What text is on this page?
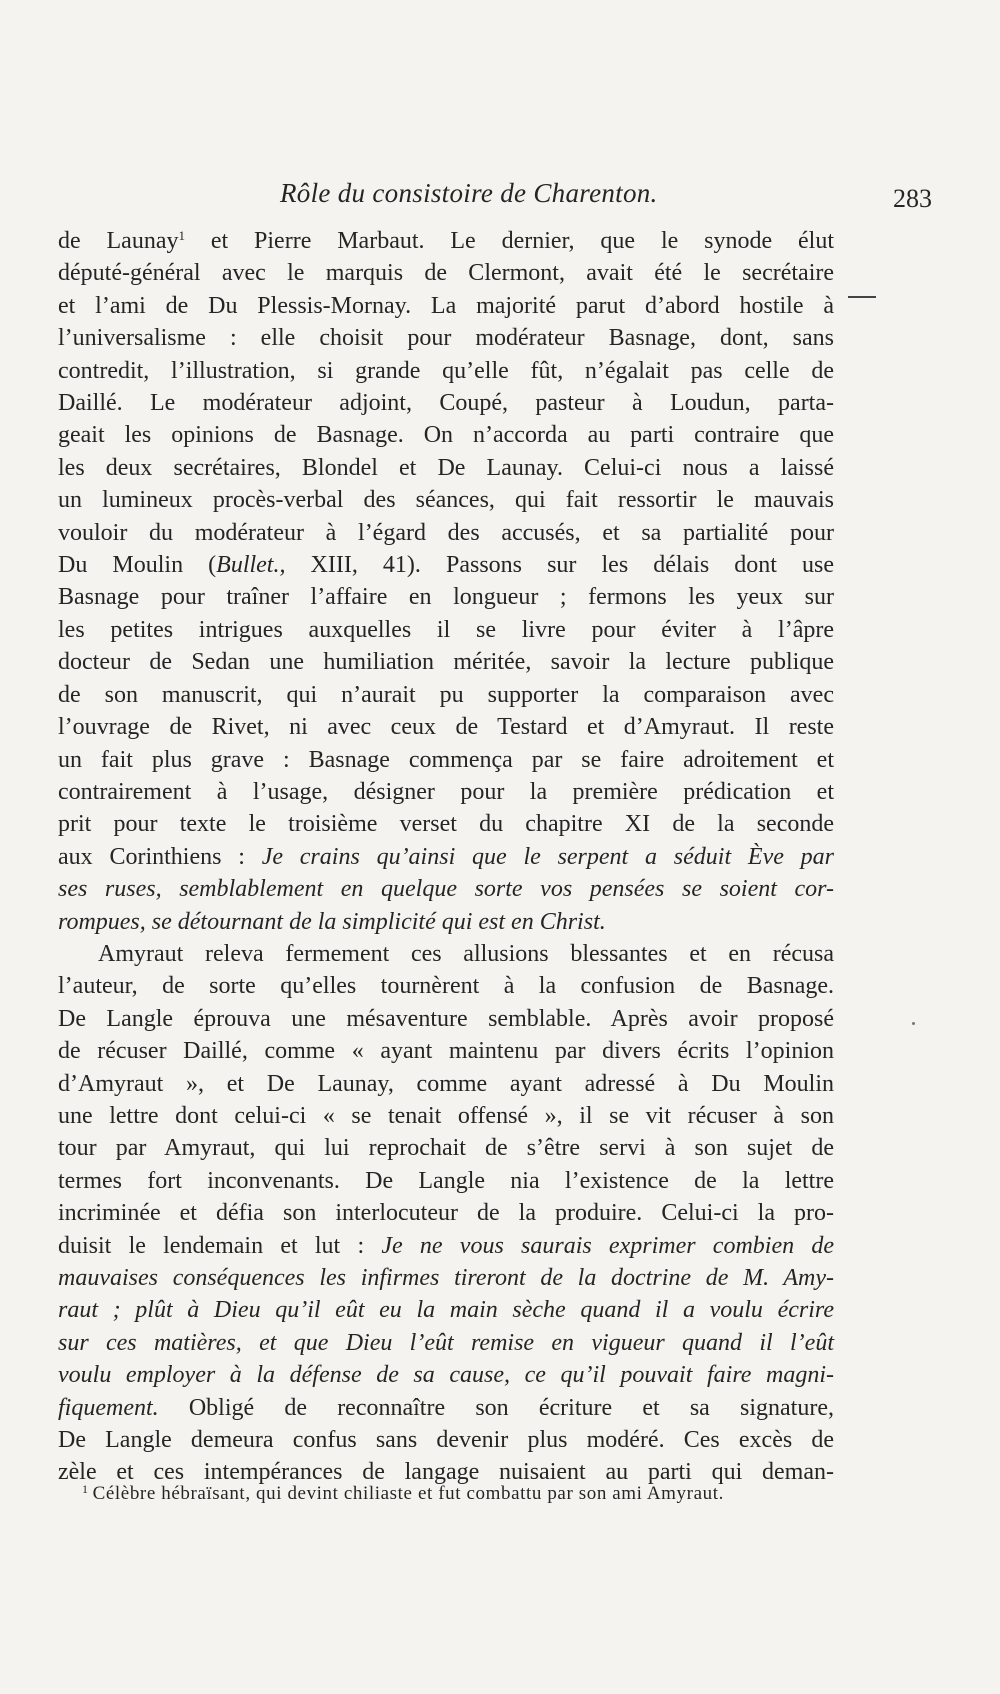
Rôle du consistoire de Charenton.	283

de Launay$^1$ et Pierre Marbaut. Le dernier, que le synode élut
député-général avec le marquis de Clermont, avait été le secrétaire
et l’ami de Du Plessis-Mornay. La majorité parut d’abord hostile à
l’universalisme : elle choisit pour modérateur Basnage, dont, sans
contredit, l’illustration, si grande qu’elle fût, n’égalait pas celle de
Daillé. Le modérateur adjoint, Coupé, pasteur à Loudun, parta-
geait les opinions de Basnage. On n’accorda au parti contraire que
les deux secrétaires, Blondel et De Launay. Celui-ci nous a laissé
un lumineux procès-verbal des séances, qui fait ressortir le mauvais
vouloir du modérateur à l’égard des accusés, et sa partialité pour
Du Moulin (Bullet., XIII, 41). Passons sur les délais dont use
Basnage pour traîner l’affaire en longueur ; fermons les yeux sur
les petites intrigues auxquelles il se livre pour éviter à l’âpre
docteur de Sedan une humiliation méritée, savoir la lecture publique
de son manuscrit, qui n’aurait pu supporter la comparaison avec
l’ouvrage de Rivet, ni avec ceux de Testard et d’Amyraut. Il reste
un fait plus grave : Basnage commença par se faire adroitement et
contrairement à l’usage, désigner pour la première prédication et
prit pour texte le troisième verset du chapitre XI de la seconde
aux Corinthiens : Je crains qu’ainsi que le serpent a séduit Ève par
ses ruses, semblablement en quelque sorte vos pensées se soient cor-
rompues, se détournant de la simplicité qui est en Christ.

Amyraut releva fermement ces allusions blessantes et en récusa
l’auteur, de sorte qu’elles tournèrent à la confusion de Basnage.
De Langle éprouva une mésaventure semblable. Après avoir proposé
de récuser Daillé, comme « ayant maintenu par divers écrits l’opinion
d’Amyraut », et De Launay, comme ayant adressé à Du Moulin
une lettre dont celui-ci « se tenait offensé », il se vit récuser à son
tour par Amyraut, qui lui reprochait de s’être servi à son sujet de
termes fort inconvenants. De Langle nia l’existence de la lettre
incriminée et défia son interlocuteur de la produire. Celui-ci la pro-
duisit le lendemain et lut : Je ne vous saurais exprimer combien de
mauvaises conséquences les infirmes tireront de la doctrine de M. Amy-
raut ; plût à Dieu qu’il eût eu la main sèche quand il a voulu écrire
sur ces matières, et que Dieu l’eût remise en vigueur quand il l’eût
voulu employer à la défense de sa cause, ce qu’il pouvait faire magni-
fiquement. Obligé de reconnaître son écriture et sa signature,
De Langle demeura confus sans devenir plus modéré. Ces excès de
zèle et ces intempérances de langage nuisaient au parti qui deman-

$^1$ Célèbre hébraïsant, qui devint chiliaste et fut combattu par son ami Amyraut.
